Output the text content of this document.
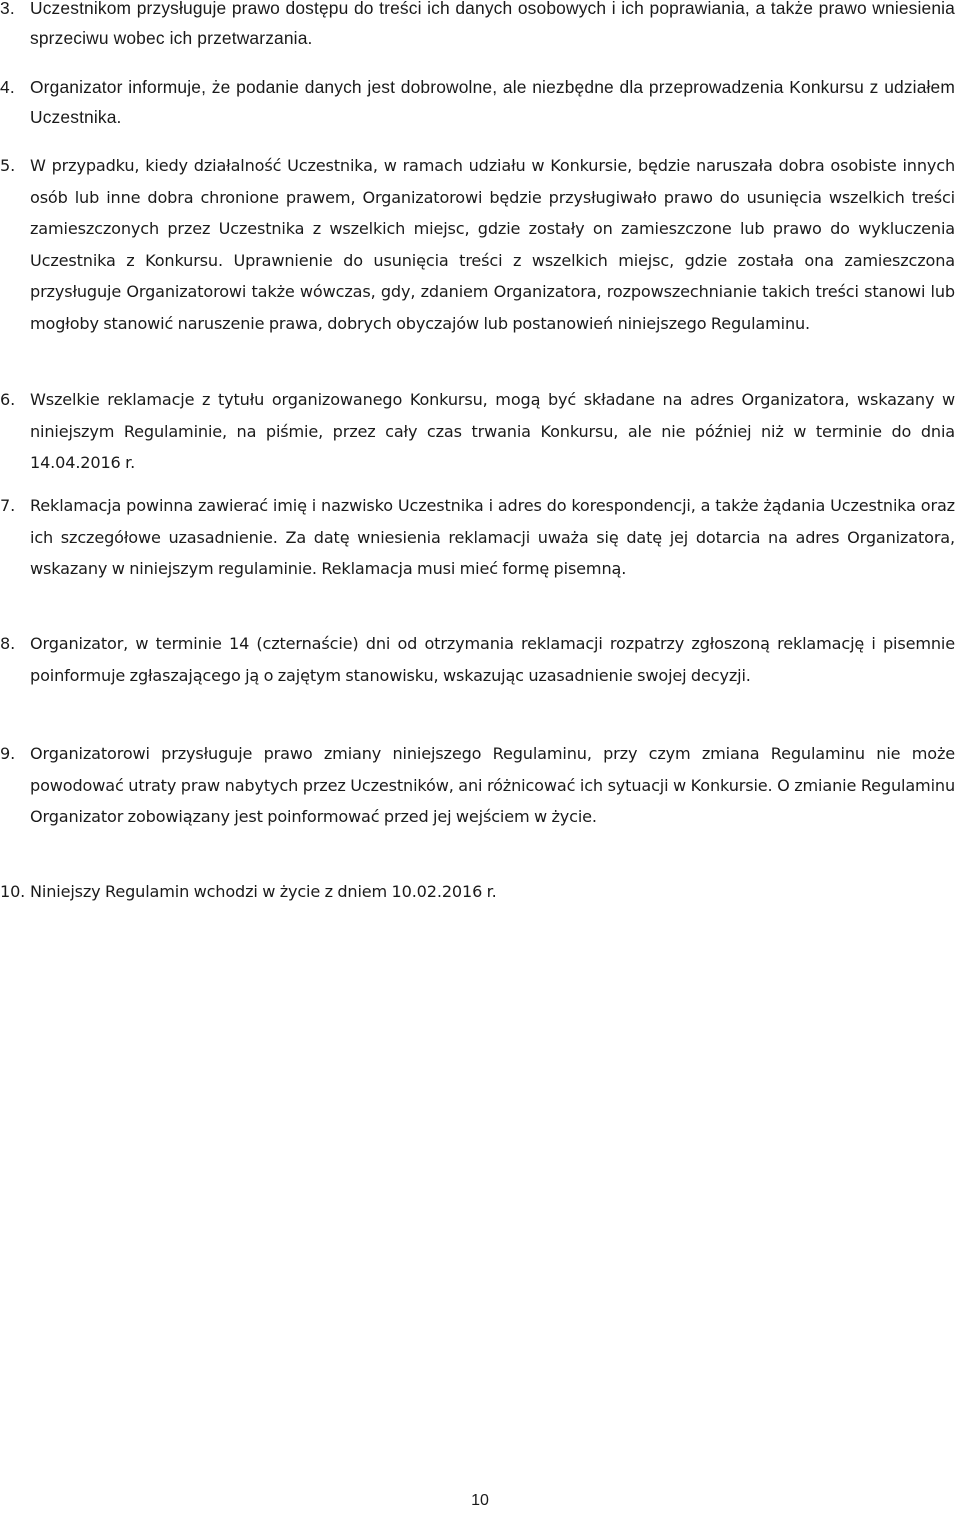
3. Uczestnikom przysługuje prawo dostępu do treści ich danych osobowych i ich poprawiania, a także prawo wniesienia sprzeciwu wobec ich przetwarzania.
4. Organizator informuje, że podanie danych jest dobrowolne, ale niezbędne dla przeprowadzenia Konkursu z udziałem Uczestnika.
5. W przypadku, kiedy działalność Uczestnika, w ramach udziału w Konkursie, będzie naruszała dobra osobiste innych osób lub inne dobra chronione prawem, Organizatorowi będzie przysługiwało prawo do usunięcia wszelkich treści zamieszczonych przez Uczestnika z wszelkich miejsc, gdzie zostały on zamieszczone lub prawo do wykluczenia Uczestnika z Konkursu. Uprawnienie do usunięcia treści z wszelkich miejsc, gdzie została ona zamieszczona przysługuje Organizatorowi także wówczas, gdy, zdaniem Organizatora, rozpowszechnianie takich treści stanowi lub mogłoby stanowić naruszenie prawa, dobrych obyczajów lub postanowień niniejszego Regulaminu.
6. Wszelkie reklamacje z tytułu organizowanego Konkursu, mogą być składane na adres Organizatora, wskazany w niniejszym Regulaminie, na piśmie, przez cały czas trwania Konkursu, ale nie później niż w terminie do dnia 14.04.2016 r.
7. Reklamacja powinna zawierać imię i nazwisko Uczestnika i adres do korespondencji, a także żądania Uczestnika oraz ich szczegółowe uzasadnienie. Za datę wniesienia reklamacji uważa się datę jej dotarcia na adres Organizatora, wskazany w niniejszym regulaminie. Reklamacja musi mieć formę pisemną.
8. Organizator, w terminie 14 (czternaście) dni od otrzymania reklamacji rozpatrzy zgłoszoną reklamację i pisemnie poinformuje zgłaszającego ją o zajętym stanowisku, wskazując uzasadnienie swojej decyzji.
9. Organizatorowi przysługuje prawo zmiany niniejszego Regulaminu, przy czym zmiana Regulaminu nie może powodować utraty praw nabytych przez Uczestników, ani różnicować ich sytuacji w Konkursie. O zmianie Regulaminu Organizator zobowiązany jest poinformować przed jej wejściem w życie.
10. Niniejszy Regulamin wchodzi w życie z dniem 10.02.2016 r.
10
